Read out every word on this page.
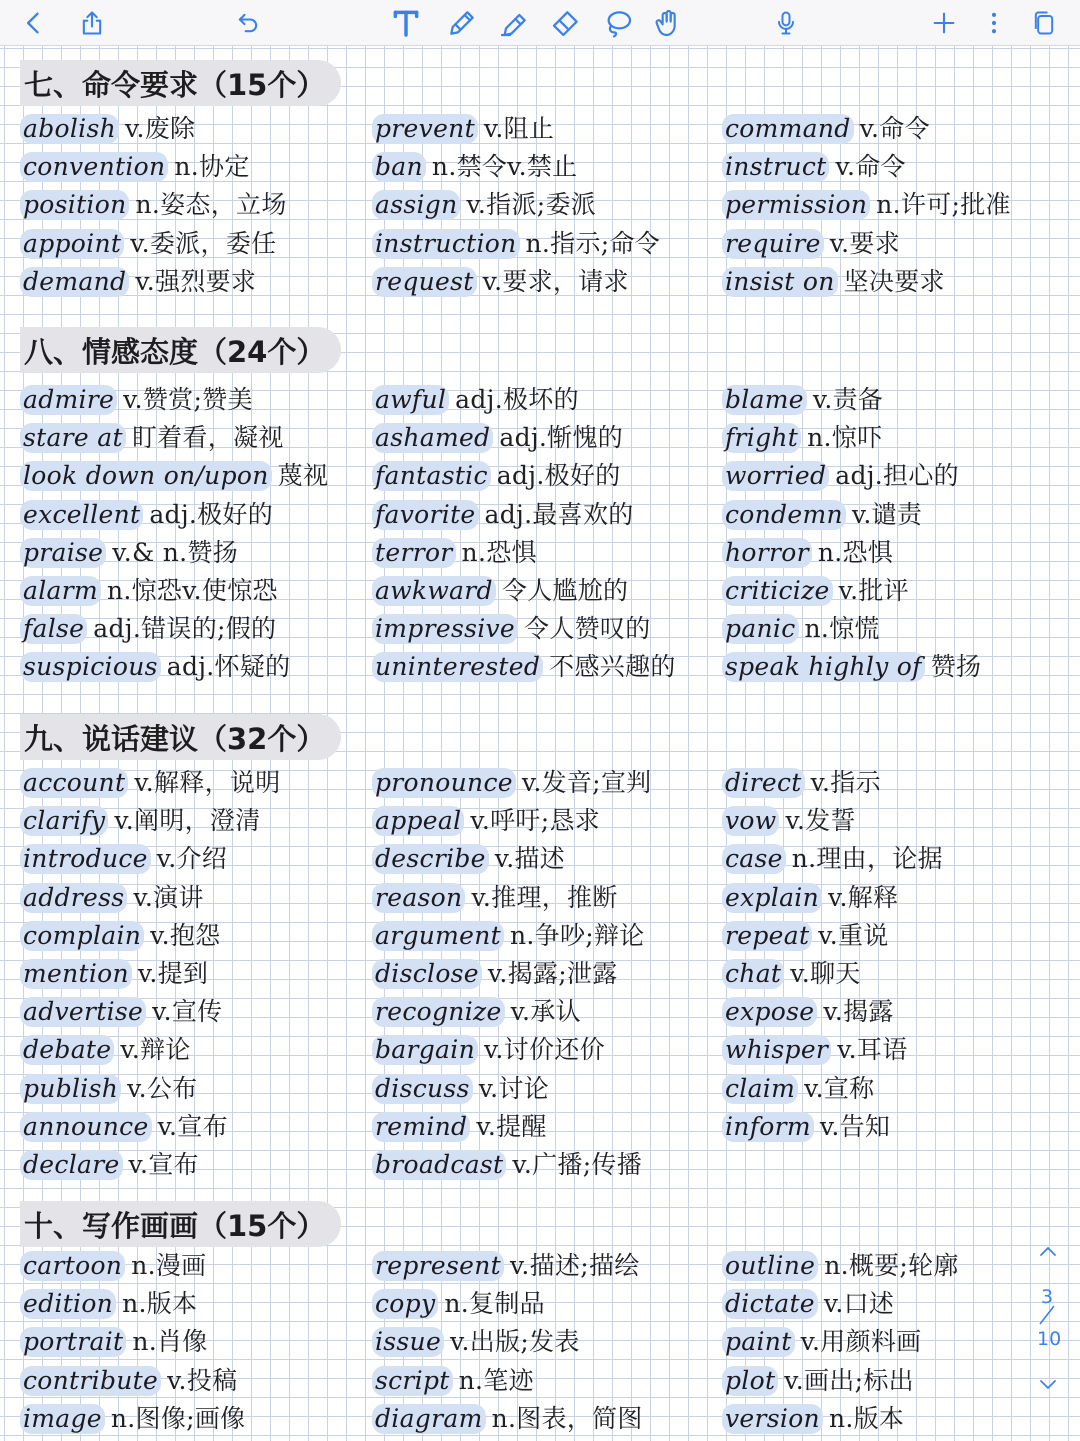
七、命令要求（15个）
abolish v.废除
convention n.协定
position n.姿态，立场
appoint v.委派，委任
demand v.强烈要求
prevent v.阻止
ban n.禁令v.禁止
assign v.指派;委派
instruction n.指示;命令
request v.要求，请求
command v.命令
instruct v.命令
permission n.许可;批准
require v.要求
insist on 坚决要求
八、情感态度（24个）
admire v.赞赏;赞美
stare at 盯着看，凝视
look down on/upon 蔑视
excellent adj.极好的
praise v.& n.赞扬
alarm n.惊恐v.使惊恐
false adj.错误的;假的
suspicious adj.怀疑的
awful adj.极坏的
ashamed adj.惭愧的
fantastic adj.极好的
favorite adj.最喜欢的
terror n.恐惧
awkward 令人尴尬的
impressive 令人赞叹的
uninterested 不感兴趣的
blame v.责备
fright n.惊吓
worried adj.担心的
condemn v.谴责
horror n.恐惧
criticize v.批评
panic n.惊慌
speak highly of 赞扬
九、说话建议（32个）
account v.解释，说明
clarify v.阐明，澄清
introduce v.介绍
address v.演讲
complain v.抱怨
mention v.提到
advertise v.宣传
debate v.辩论
publish v.公布
announce v.宣布
declare v.宣布
pronounce v.发音;宣判
appeal v.呼吁;恳求
describe v.描述
reason v.推理，推断
argument n.争吵;辩论
disclose v.揭露;泄露
recognize v.承认
bargain v.讨价还价
discuss v.讨论
remind v.提醒
broadcast v.广播;传播
direct v.指示
vow v.发誓
case n.理由，论据
explain v.解释
repeat v.重说
chat v.聊天
expose v.揭露
whisper v.耳语
claim v.宣称
inform v.告知
十、写作画画（15个）
cartoon n.漫画
edition n.版本
portrait n.肖像
contribute v.投稿
image n.图像;画像
represent v.描述;描绘
copy n.复制品
issue v.出版;发表
script n.笔迹
diagram n.图表，简图
outline n.概要;轮廓
dictate v.口述
paint v.用颜料画
plot v.画出;标出
version n.版本
3
10
